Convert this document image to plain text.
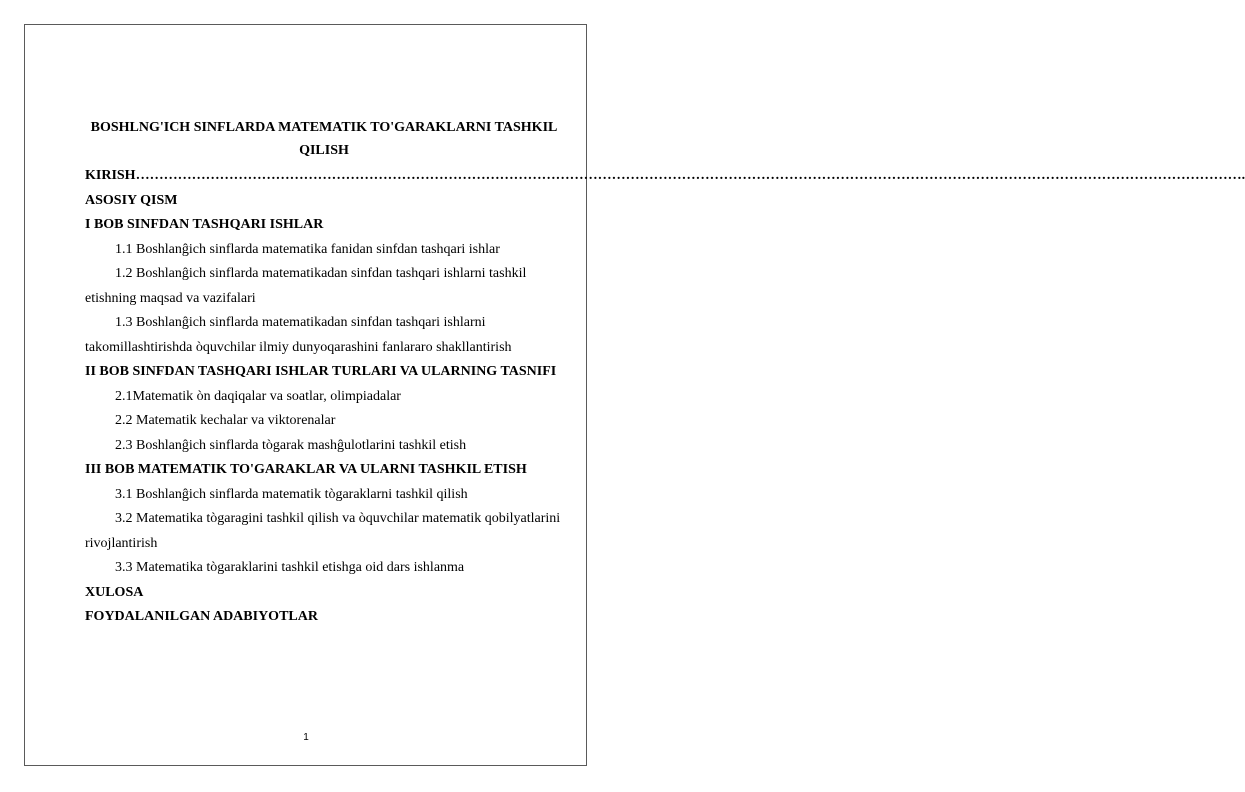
BOSHLNG'ICH SINFLARDA MATEMATIK TO'GARAKLARNI TASHKIL QILISH
KIRISH………………………………………………………………………………………………………………………………………………………………………………………………………………….
ASOSIY QISM
I BOB SINFDAN TASHQARI ISHLAR
1.1 Boshlanĝich sinflarda matematika fanidan sinfdan tashqari ishlar
1.2 Boshlanĝich sinflarda matematikadan sinfdan tashqari ishlarni tashkil
etishning maqsad va vazifalari
1.3 Boshlanĝich sinflarda matematikadan sinfdan tashqari ishlarni
takomillashtirishda òquvchilar ilmiy dunyoqarashini fanlararo shakllantirish
II BOB SINFDAN TASHQARI ISHLAR TURLARI VA ULARNING TASNIFI
2.1Matematik òn daqiqalar va soatlar, olimpiadalar
2.2 Matematik kechalar va viktorenalar
2.3 Boshlanĝich sinflarda tògarak mashĝulotlarini tashkil etish
III BOB MATEMATIK TO'GARAKLAR VA ULARNI TASHKIL ETISH
3.1 Boshlanĝich sinflarda matematik tògaraklarni tashkil qilish
3.2 Matematika tògaragini tashkil qilish va òquvchilar matematik qobilyatlarini
rivojlantirish
3.3 Matematika tògaraklarini tashkil etishga oid dars ishlanma
XULOSA
FOYDALANILGAN ADABIYOTLAR
1
